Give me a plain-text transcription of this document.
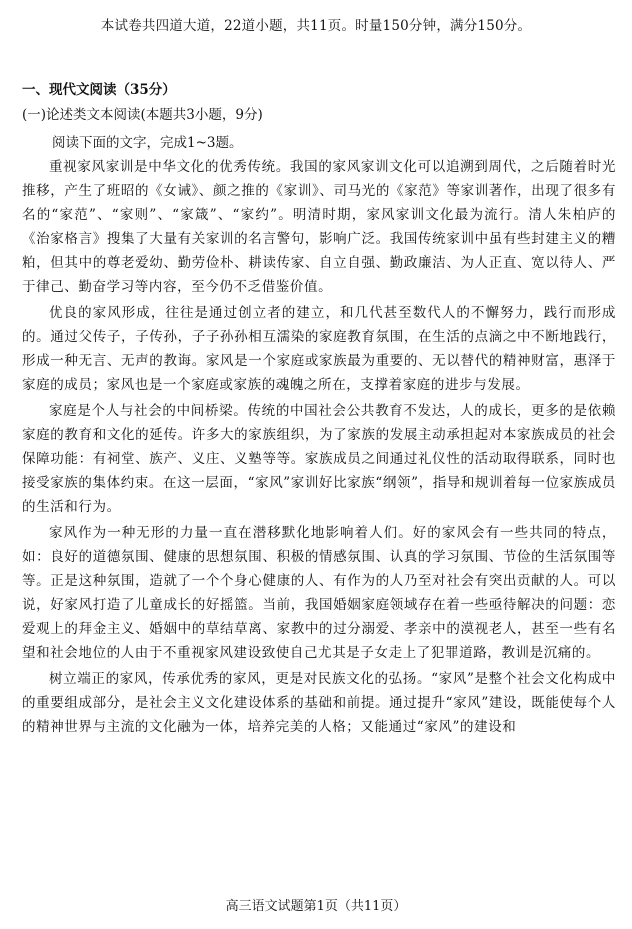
本试卷共四道大道，22道小题，共11页。时量150分钟，满分150分。
一、现代文阅读（35分）
(一)论述类文本阅读(本题共3小题，9分)
阅读下面的文字，完成1~3题。

重视家风家训是中华文化的优秀传统。我国的家风家训文化可以追溯到周代，之后随着时光推移，产生了班昭的《女诫》、颜之推的《家训》、司马光的《家范》等家训著作，出现了很多有名的“家范”、“家则”、“家箴”、“家约”。明清时期，家风家训文化最为流行。清人朱柏庐的《治家格言》搜集了大量有关家训的名言警句，影响广泛。我国传统家训中虽有些封建主义的糟粕，但其中的尊老爱幼、勤劳俭朴、耕读传家、自立自强、勤政廉洁、为人正直、宽以待人、严于律己、勤奋学习等内容，至今仍不乏借鉴价值。

优良的家风形成，往往是通过创立者的建立，和几代甚至数代人的不懈努力，践行而形成的。通过父传子，子传孙，子子孙孙相互濡染的家庭教育氛围，在生活的点滴之中不断地践行，形成一种无言、无声的教诲。家风是一个家庭或家族最为重要的、无以替代的精神财富，惠泽于家庭的成员；家风也是一个家庭或家族的魂魄之所在，支撑着家庭的进步与发展。

家庭是个人与社会的中间桥梁。传统的中国社会公共教育不发达，人的成长，更多的是依赖家庭的教育和文化的延传。许多大的家族组织，为了家族的发展主动承担起对本家族成员的社会保障功能：有祠堂、族产、义庄、义塾等等。家族成员之间通过礼仪性的活动取得联系，同时也接受家族的集体约束。在这一层面，“家风”家训好比家族“纲领”，指导和规训着每一位家族成员的生活和行为。

家风作为一种无形的力量一直在潜移默化地影响着人们。好的家风会有一些共同的特点，如：良好的道德氛围、健康的思想氛围、积极的情感氛围、认真的学习氛围、节俭的生活氛围等等。正是这种氛围，造就了一个个身心健康的人、有作为的人乃至对社会有突出贡献的人。可以说，好家风打造了儿童成长的好摇篮。当前，我国婚姻家庭领域存在着一些亟待解决的问题：恋爱观上的拜金主义、婚姻中的草结草离、家教中的过分溺爱、孝亲中的漠视老人，甚至一些有名望和社会地位的人由于不重视家风建设致使自己尤其是子女走上了犯罪道路，教训是沉痛的。

树立端正的家风，传承优秀的家风，更是对民族文化的弘扬。“家风”是整个社会文化构成中的重要组成部分，是社会主义文化建设体系的基础和前提。通过提升“家风”建设，既能使每个人的精神世界与主流的文化融为一体，培养完美的人格；又能通过“家风”的建设和

高三语文试题第1页（共11页）
